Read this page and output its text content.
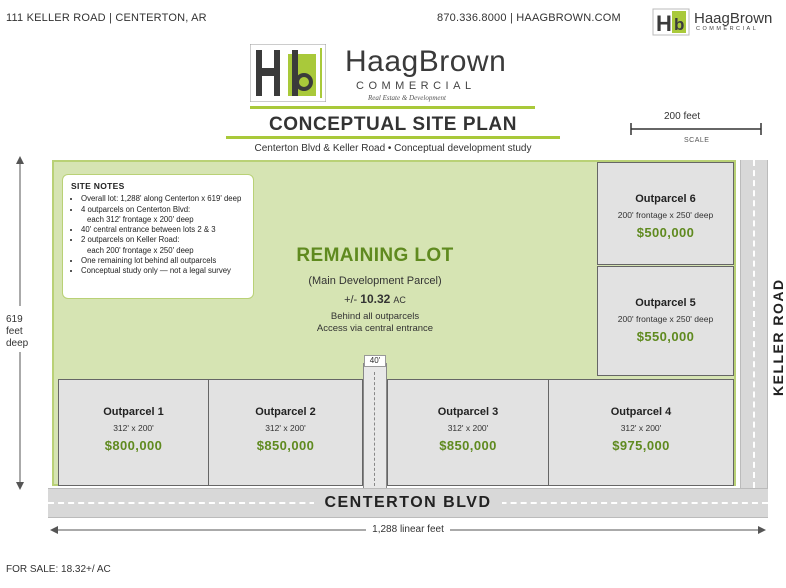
111 KELLER ROAD | CENTERTON, AR	870.336.8000 | HAAGBROWN.COM H b HaagBrown
COMMERCIAL
HaagBrown
COMMERCIAL
Real Estate & Development
CONCEPTUAL SITE PLAN
Centerton Blvd & Keller Road • Conceptual development study
200 feet
SCALE
619
feet
deep
SITE NOTES
• Overall lot: 1,288' along Centerton x 619' deep
• 4 outparcels on Centerton Blvd:
each 312' frontage x 200' deep
• 40' central entrance between lots 2 & 3
• 2 outparcels on Keller Road:
each 200' frontage x 250' deep
• One remaining lot behind all outparcels
• Conceptual study only — not a legal survey
REMAINING LOT
(Main Development Parcel)
+/- 10.32 AC
Behind all outparcels
Access via central entrance
Outparcel 6
200' frontage x 250' deep
$500,000
Outparcel 5
200' frontage x 250' deep
$550,000
Outparcel 1
312' x 200'
$800,000
Outparcel 2
312' x 200'
$850,000
Outparcel 3
312' x 200'
$850,000
Outparcel 4
312' x 200'
$975,000
40'
CENTERTON BLVD
KELLER ROAD
1,288 linear feet
FOR SALE: 18.32+/ AC
